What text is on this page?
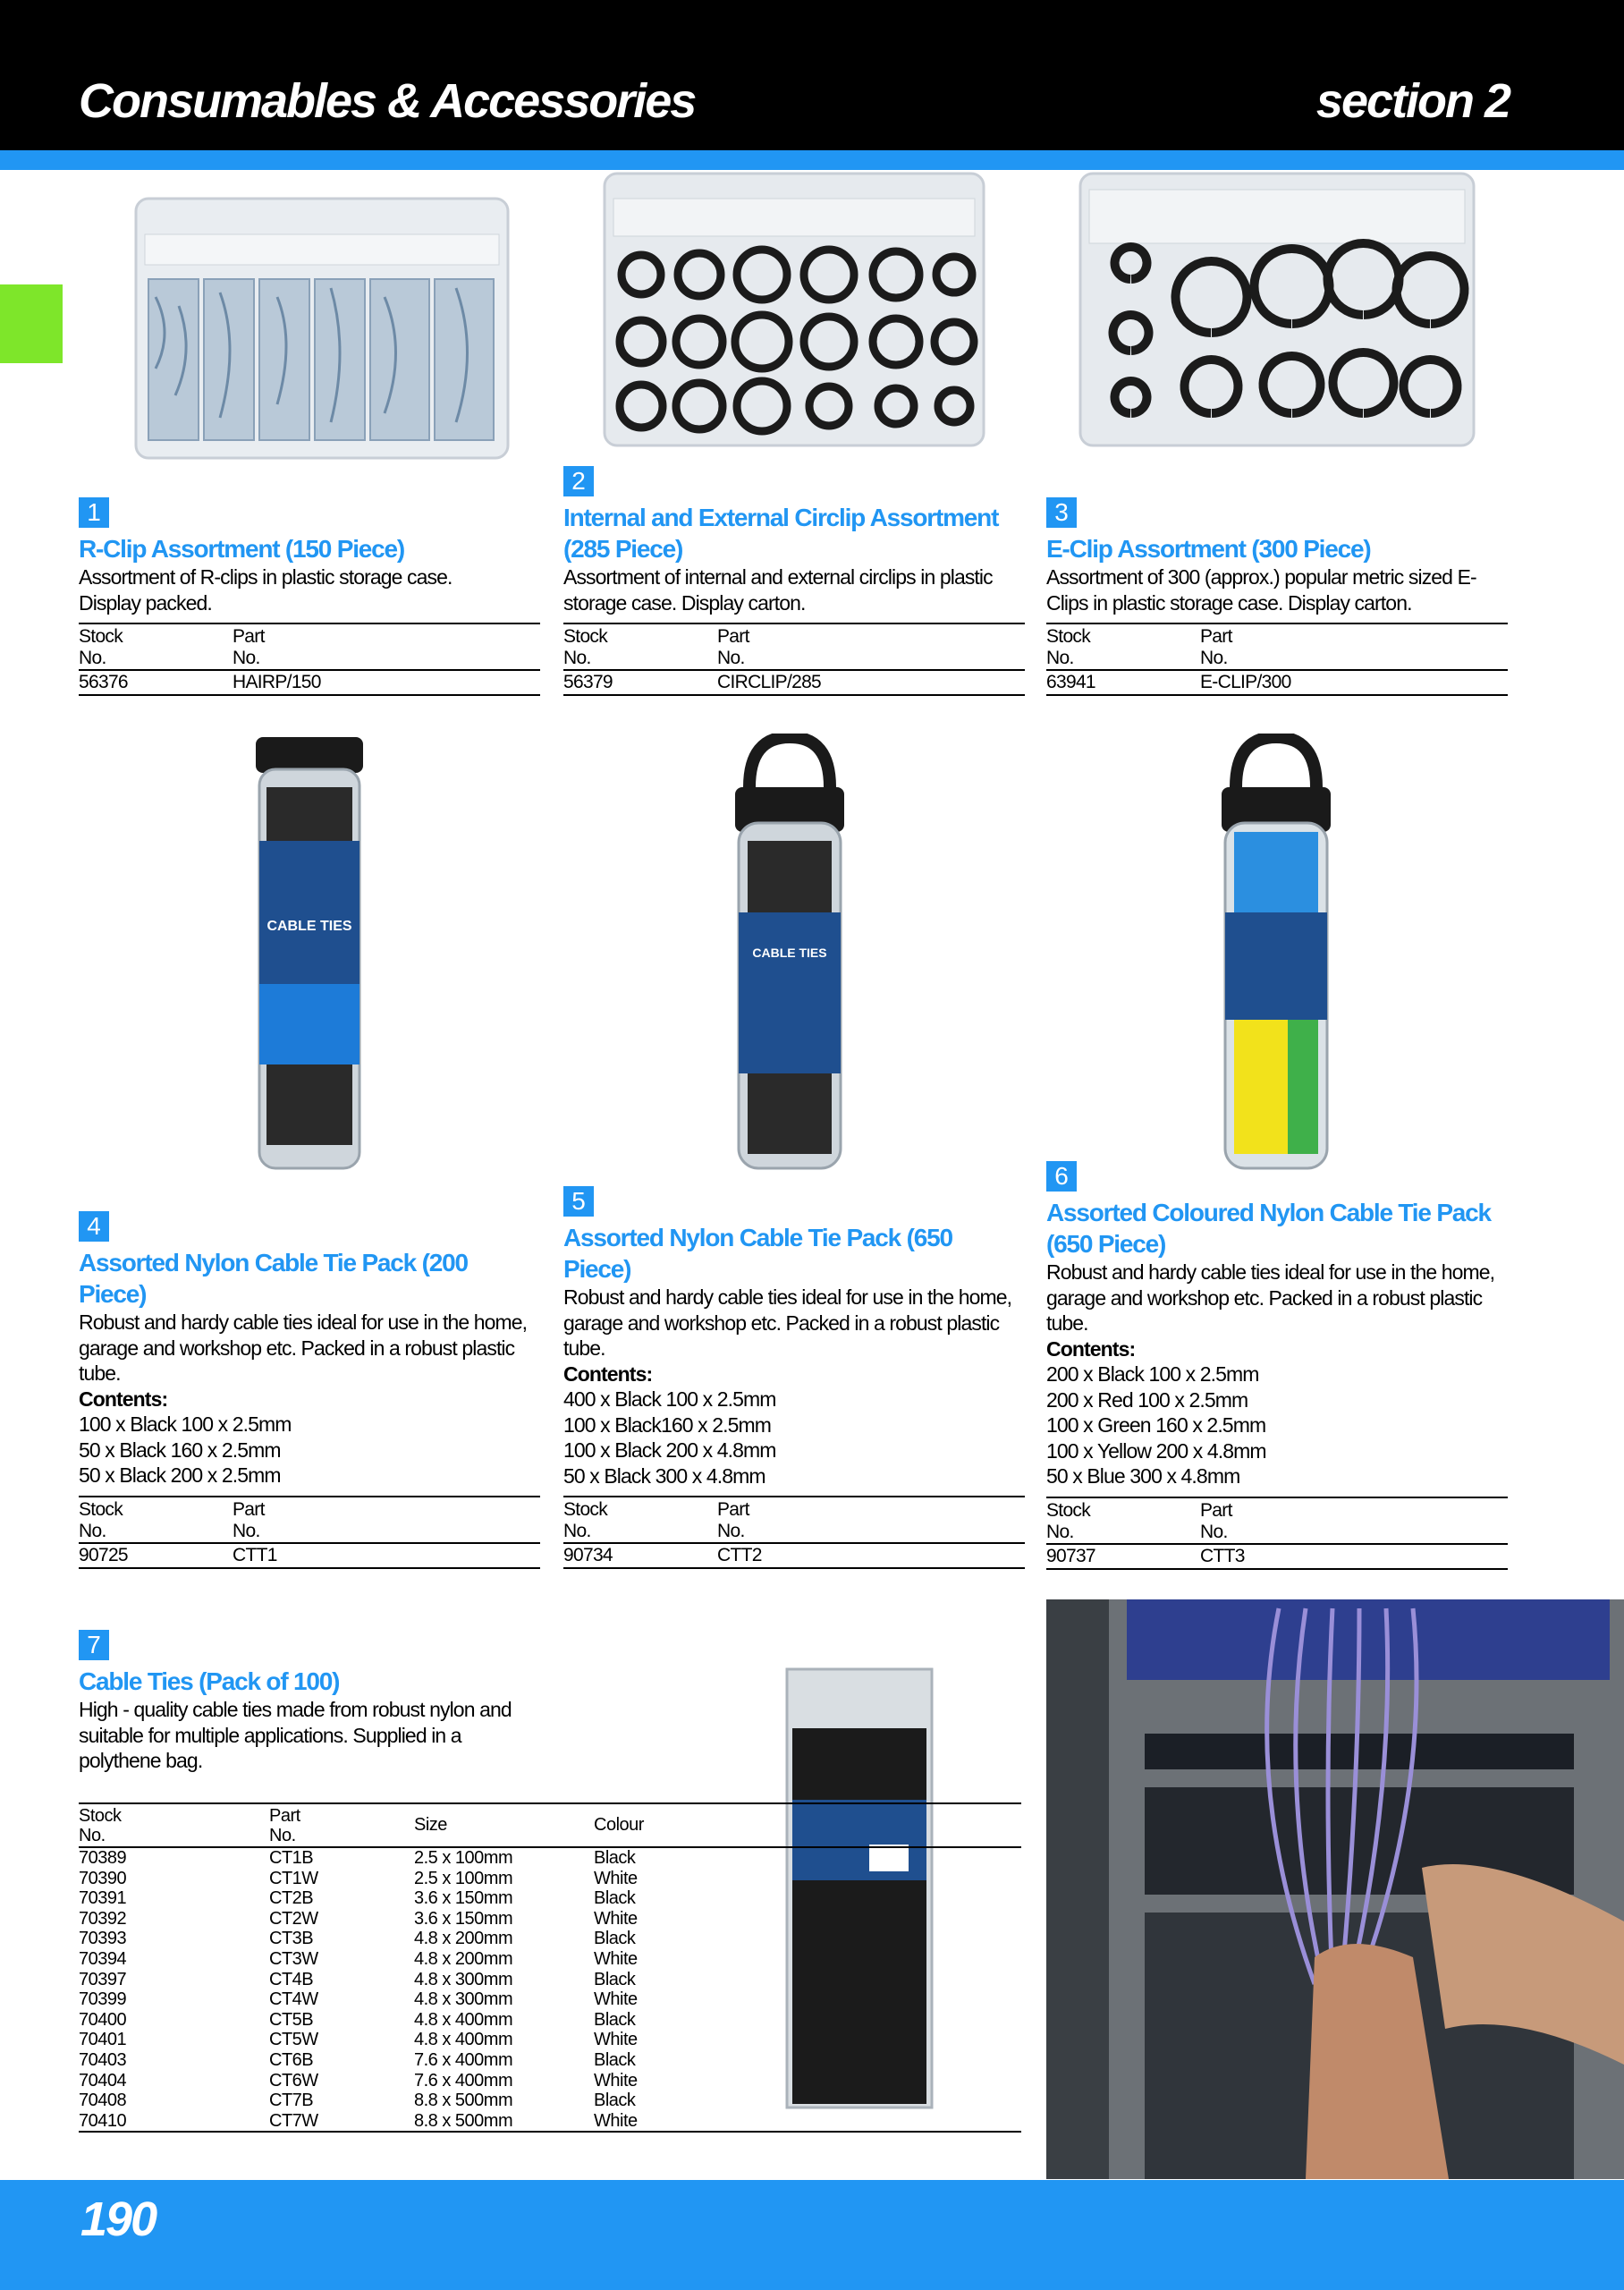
Consumables & Accessories	section 2
CABLE TIES
CABLE TIES
1
R-Clip Assortment (150 Piece)
Assortment of R-clips in plastic storage case.
Display packed.
Stock
No.
Part
No.
56376	HAIRP/150
2
Internal and External Circlip Assortment (285 Piece)
Assortment of internal and external circlips in plastic storage case. Display carton.
Stock
No.
Part
No.
56379	CIRCLIP/285
3
E-Clip Assortment (300 Piece)
Assortment of 300 (approx.) popular metric sized E-Clips in plastic storage case. Display carton.
Stock
No.
Part
No.
63941	E-CLIP/300
4
Assorted Nylon Cable Tie Pack (200 Piece)
Robust and hardy cable ties ideal for use in the home, garage and workshop etc. Packed in a robust plastic tube.
Contents:
100 x Black 100 x 2.5mm
50 x Black 160 x 2.5mm
50 x Black 200 x 2.5mm
Stock
No.
Part
No.
90725	CTT1
5
Assorted Nylon Cable Tie Pack (650 Piece)
Robust and hardy cable ties ideal for use in the home, garage and workshop etc. Packed in a robust plastic tube.
Contents:
400 x Black 100 x 2.5mm
100 x Black160 x 2.5mm
100 x Black 200 x 4.8mm
50 x Black 300 x 4.8mm
Stock
No.
Part
No.
90734	CTT2
6
Assorted Coloured Nylon Cable Tie Pack (650 Piece)
Robust and hardy cable ties ideal for use in the home, garage and workshop etc. Packed in a robust plastic tube.
Contents:
200 x Black 100 x 2.5mm
200 x Red 100 x 2.5mm
100 x Green 160 x 2.5mm
100 x Yellow 200 x 4.8mm
50 x Blue 300 x 4.8mm
Stock
No.
Part
No.
90737	CTT3
7
Cable Ties (Pack of 100)
High - quality cable ties made from robust nylon and suitable for multiple applications. Supplied in a polythene bag.
Stock
No.
Part
No.
Size	Colour
70389	CT1B	2.5 x 100mm	Black
70390	CT1W	2.5 x 100mm	White
70391	CT2B	3.6 x 150mm	Black
70392	CT2W	3.6 x 150mm	White
70393	CT3B	4.8 x 200mm	Black
70394	CT3W	4.8 x 200mm	White
70397	CT4B	4.8 x 300mm	Black
70399	CT4W	4.8 x 300mm	White
70400	CT5B	4.8 x 400mm	Black
70401	CT5W	4.8 x 400mm	White
70403	CT6B	7.6 x 400mm	Black
70404	CT6W	7.6 x 400mm	White
70408	CT7B	8.8 x 500mm	Black
70410	CT7W	8.8 x 500mm	White
190
